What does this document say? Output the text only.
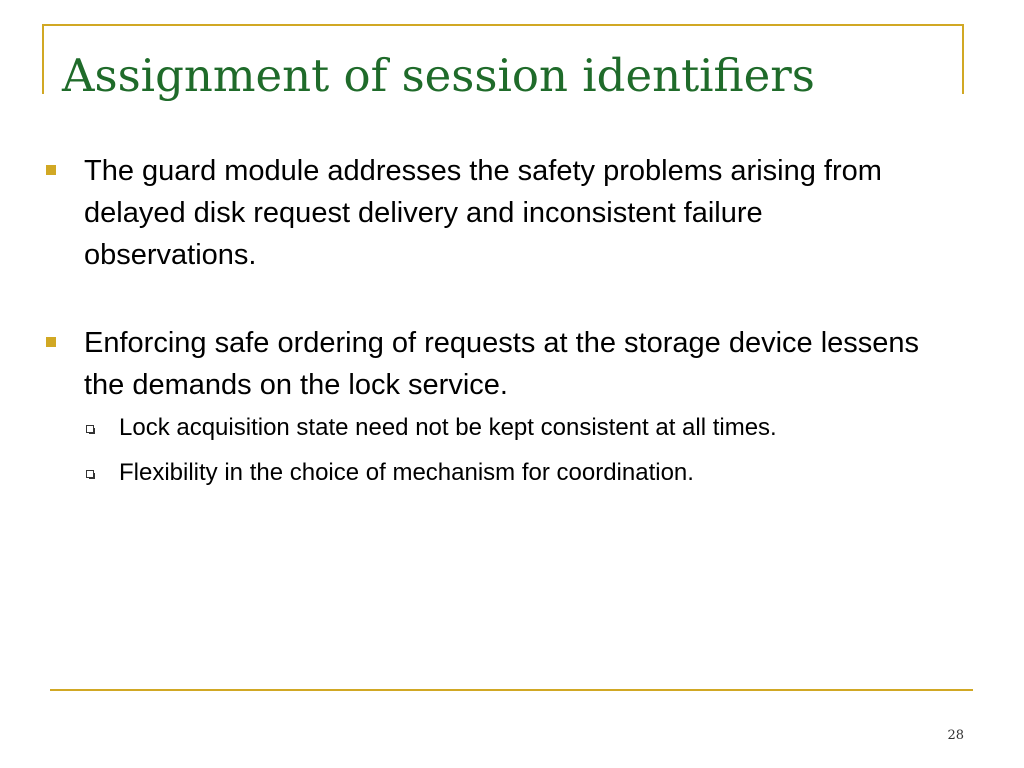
Assignment of session identifiers
The guard module addresses the safety problems arising from delayed disk request delivery and inconsistent failure observations.
Enforcing safe ordering of requests at the storage device lessens the demands on the lock service.
Lock acquisition state need not be kept consistent at all times.
Flexibility in the choice of mechanism for coordination.
28
